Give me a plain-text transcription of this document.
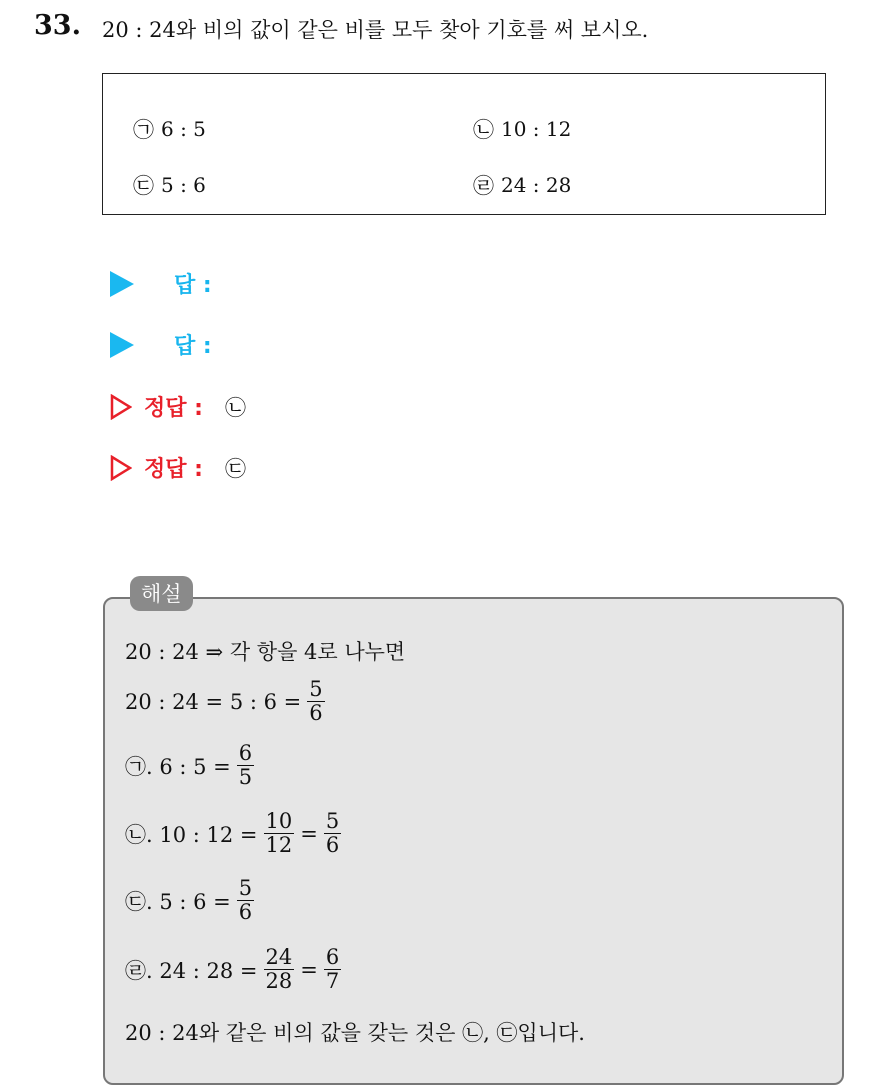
33. 20 : 24와 비의 값이 같은 비를 모두 찾아 기호를 써 보시오.
㉠ 6 : 5	㉡ 10 : 12
㉢ 5 : 6	㉣ 24 : 28
답 :
답 :
정답 : ㉡
정답 : ㉢
해설
20 : 24 ⇒ 각 항을 4로 나누면
20 : 24 = 5 : $6 = \frac{5}{6}$
㉠. 6 : $5 = \frac{6}{5}$
㉡. 10 : $12 = \frac{10}{12} = \frac{5}{6}$
㉢. 5 : $6 = \frac{5}{6}$
㉣. 24 : $28 = \frac{24}{28} = \frac{6}{7}$
20 : 24와 같은 비의 값을 갖는 것은 ㉡, ㉢입니다.
